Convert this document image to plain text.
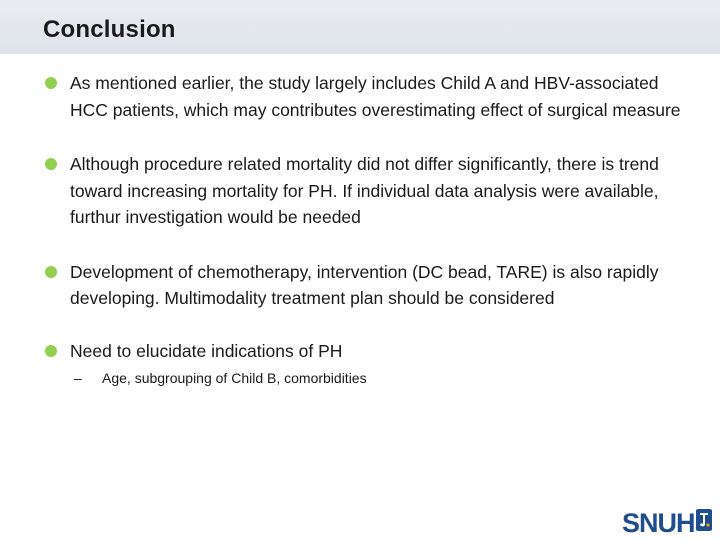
Conclusion
As mentioned earlier, the study largely includes Child A and HBV-associated HCC patients, which may contributes overestimating effect of surgical measure
Although procedure related mortality did not differ significantly, there is trend toward increasing mortality for PH. If individual data analysis were available, furthur investigation would be needed
Development of chemotherapy, intervention (DC bead, TARE) is also rapidly developing. Multimodality treatment plan should be considered
Need to elucidate indications of PH
– Age, subgrouping of Child B, comorbidities
SNUH
